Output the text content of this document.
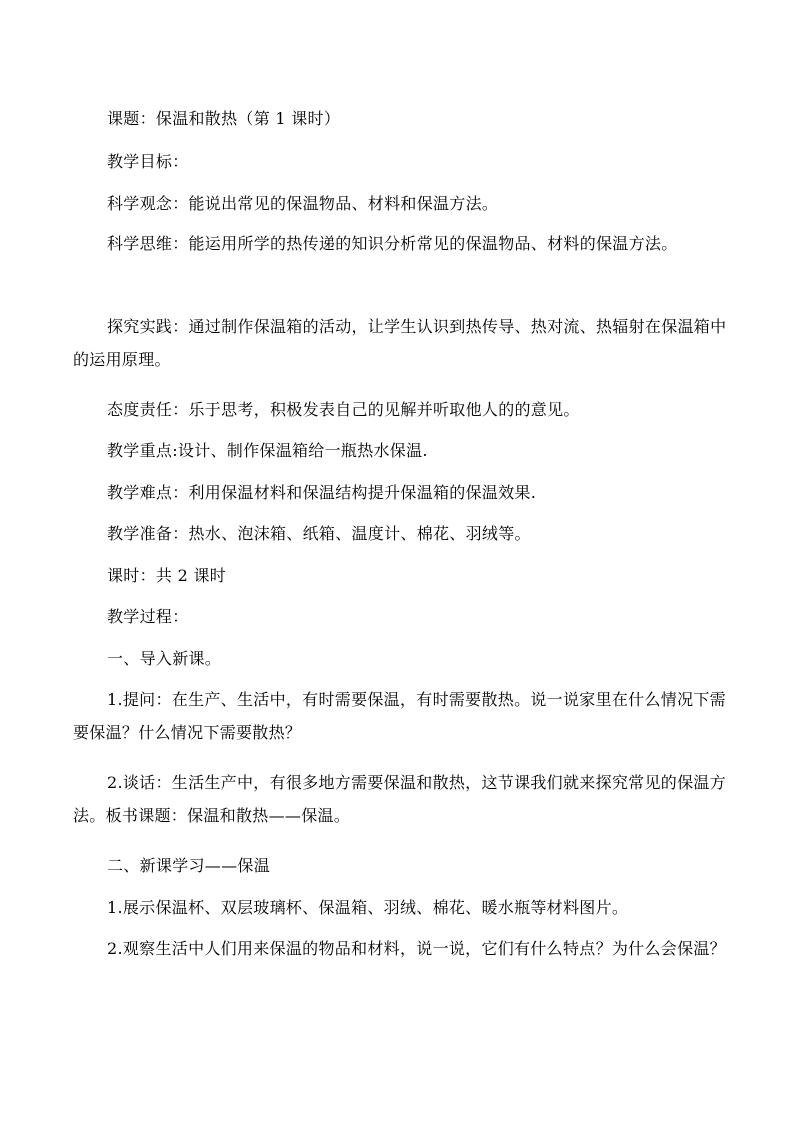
课题：保温和散热（第 1 课时）
教学目标：
科学观念：能说出常见的保温物品、材料和保温方法。
科学思维：能运用所学的热传递的知识分析常见的保温物品、材料的保温方法。
探究实践：通过制作保温箱的活动，让学生认识到热传导、热对流、热辐射在保温箱中的运用原理。
态度责任：乐于思考，积极发表自己的见解并听取他人的的意见。
教学重点:设计、制作保温箱给一瓶热水保温.
教学难点：利用保温材料和保温结构提升保温箱的保温效果.
教学准备：热水、泡沫箱、纸箱、温度计、棉花、羽绒等。
课时：共 2 课时
教学过程：
一、导入新课。
1.提问：在生产、生活中，有时需要保温，有时需要散热。说一说家里在什么情况下需要保温？什么情况下需要散热？
2.谈话：生活生产中，有很多地方需要保温和散热，这节课我们就来探究常见的保温方法。板书课题：保温和散热——保温。
二、新课学习——保温
1.展示保温杯、双层玻璃杯、保温箱、羽绒、棉花、暖水瓶等材料图片。
2.观察生活中人们用来保温的物品和材料，说一说，它们有什么特点？为什么会保温？
